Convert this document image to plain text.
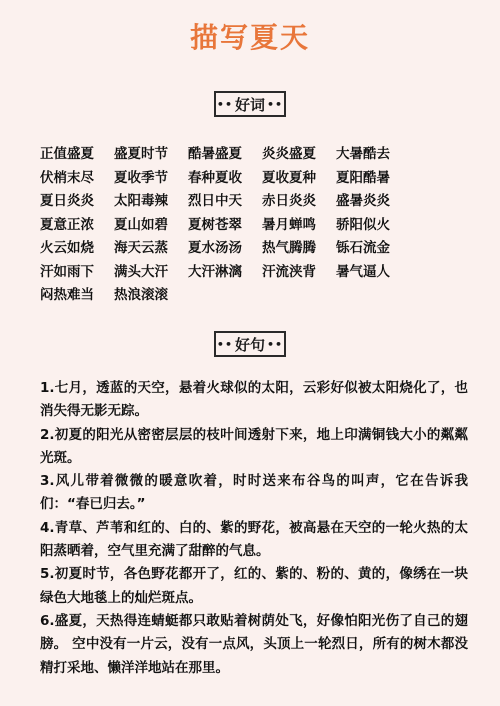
描写夏天
•• 好词 ••
正值盛夏	盛夏时节	酷暑盛夏	炎炎盛夏	大暑酷去
伏梢末尽	夏收季节	春种夏收	夏收夏种	夏阳酷暑
夏日炎炎	太阳毒辣	烈日中天	赤日炎炎	盛暑炎炎
夏意正浓	夏山如碧	夏树苍翠	暑月蝉鸣	骄阳似火
火云如烧	海天云蒸	夏水汤汤	热气腾腾	铄石流金
汗如雨下	满头大汗	大汗淋漓	汗流浃背	暑气逼人
闷热难当	热浪滚滚
•• 好句 ••
1.七月，透蓝的天空，悬着火球似的太阳，云彩好似被太阳烧化了，也消失得无影无踪。
2.初夏的阳光从密密层层的枝叶间透射下来，地上印满铜钱大小的粼粼光斑。
3.风儿带着微微的暖意吹着，时时送来布谷鸟的叫声，它在告诉我们：“春已归去。”
4.青草、芦苇和红的、白的、紫的野花，被高悬在天空的一轮火热的太阳蒸晒着，空气里充满了甜醉的气息。
5.初夏时节，各色野花都开了，红的、紫的、粉的、黄的，像绣在一块绿色大地毯上的灿烂斑点。
6.盛夏，天热得连蜻蜓都只敢贴着树荫处飞，好像怕阳光伤了自己的翅膀。 空中没有一片云，没有一点风，头顶上一轮烈日，所有的树木都没精打采地、懒洋洋地站在那里。
